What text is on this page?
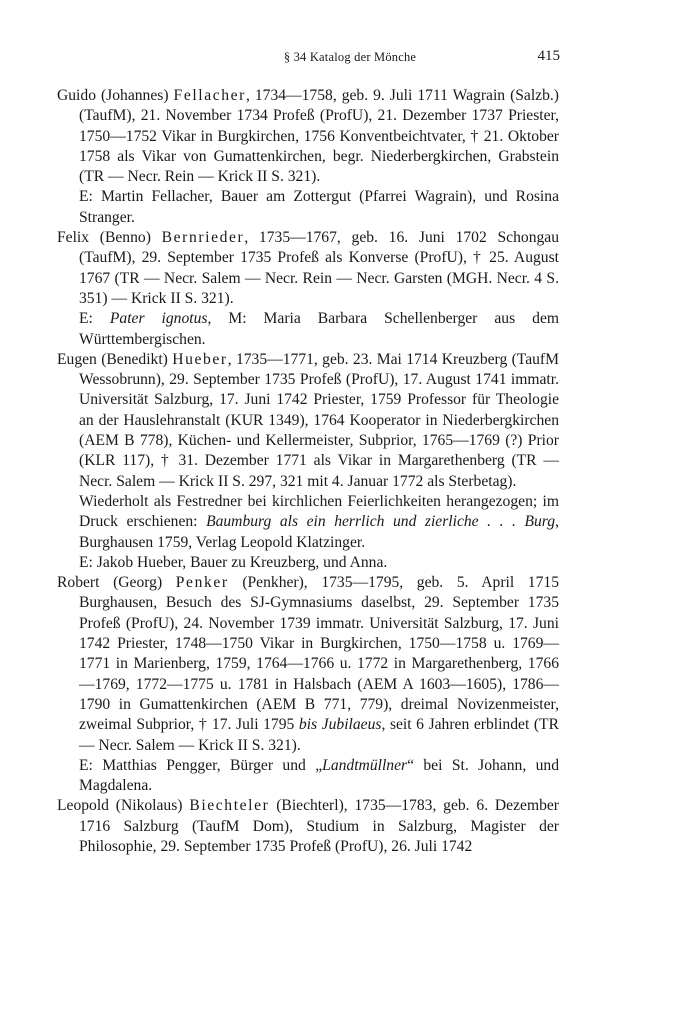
§ 34 Katalog der Mönche	415
Guido (Johannes) Fellacher, 1734—1758, geb. 9. Juli 1711 Wagrain (Salzb.) (TaufM), 21. November 1734 Profeß (ProfU), 21. Dezember 1737 Priester, 1750—1752 Vikar in Burgkirchen, 1756 Konventbeichtvater, † 21. Oktober 1758 als Vikar von Gumattenkirchen, begr. Niederbergkirchen, Grabstein (TR — Necr. Rein — Krick II S. 321).
E: Martin Fellacher, Bauer am Zottergut (Pfarrei Wagrain), und Rosina Stranger.
Felix (Benno) Bernrieder, 1735—1767, geb. 16. Juni 1702 Schongau (TaufM), 29. September 1735 Profeß als Konverse (ProfU), † 25. August 1767 (TR — Necr. Salem — Necr. Rein — Necr. Garsten (MGH. Necr. 4 S. 351) — Krick II S. 321).
E: Pater ignotus, M: Maria Barbara Schellenberger aus dem Württembergischen.
Eugen (Benedikt) Hueber, 1735—1771, geb. 23. Mai 1714 Kreuzberg (TaufM Wessobrunn), 29. September 1735 Profeß (ProfU), 17. August 1741 immatr. Universität Salzburg, 17. Juni 1742 Priester, 1759 Professor für Theologie an der Hauslehranstalt (KUR 1349), 1764 Kooperator in Niederbergkirchen (AEM B 778), Küchen- und Kellermeister, Subprior, 1765—1769 (?) Prior (KLR 117), † 31. Dezember 1771 als Vikar in Margarethenberg (TR — Necr. Salem — Krick II S. 297, 321 mit 4. Januar 1772 als Sterbetag).
Wiederholt als Festredner bei kirchlichen Feierlichkeiten herangezogen; im Druck erschienen: Baumburg als ein herrlich und zierliche . . . Burg, Burghausen 1759, Verlag Leopold Klatzinger.
E: Jakob Hueber, Bauer zu Kreuzberg, und Anna.
Robert (Georg) Penker (Penkher), 1735—1795, geb. 5. April 1715 Burghausen, Besuch des SJ-Gymnasiums daselbst, 29. September 1735 Profeß (ProfU), 24. November 1739 immatr. Universität Salzburg, 17. Juni 1742 Priester, 1748—1750 Vikar in Burgkirchen, 1750—1758 u. 1769—1771 in Marienberg, 1759, 1764—1766 u. 1772 in Margarethenberg, 1766—1769, 1772—1775 u. 1781 in Halsbach (AEM A 1603—1605), 1786—1790 in Gumattenkirchen (AEM B 771, 779), dreimal Novizenmeister, zweimal Subprior, † 17. Juli 1795 bis Jubilaeus, seit 6 Jahren erblindet (TR — Necr. Salem — Krick II S. 321).
E: Matthias Pengger, Bürger und „Landtmüllner“ bei St. Johann, und Magdalena.
Leopold (Nikolaus) Biechteler (Biechterl), 1735—1783, geb. 6. Dezember 1716 Salzburg (TaufM Dom), Studium in Salzburg, Magister der Philosophie, 29. September 1735 Profeß (ProfU), 26. Juli 1742
